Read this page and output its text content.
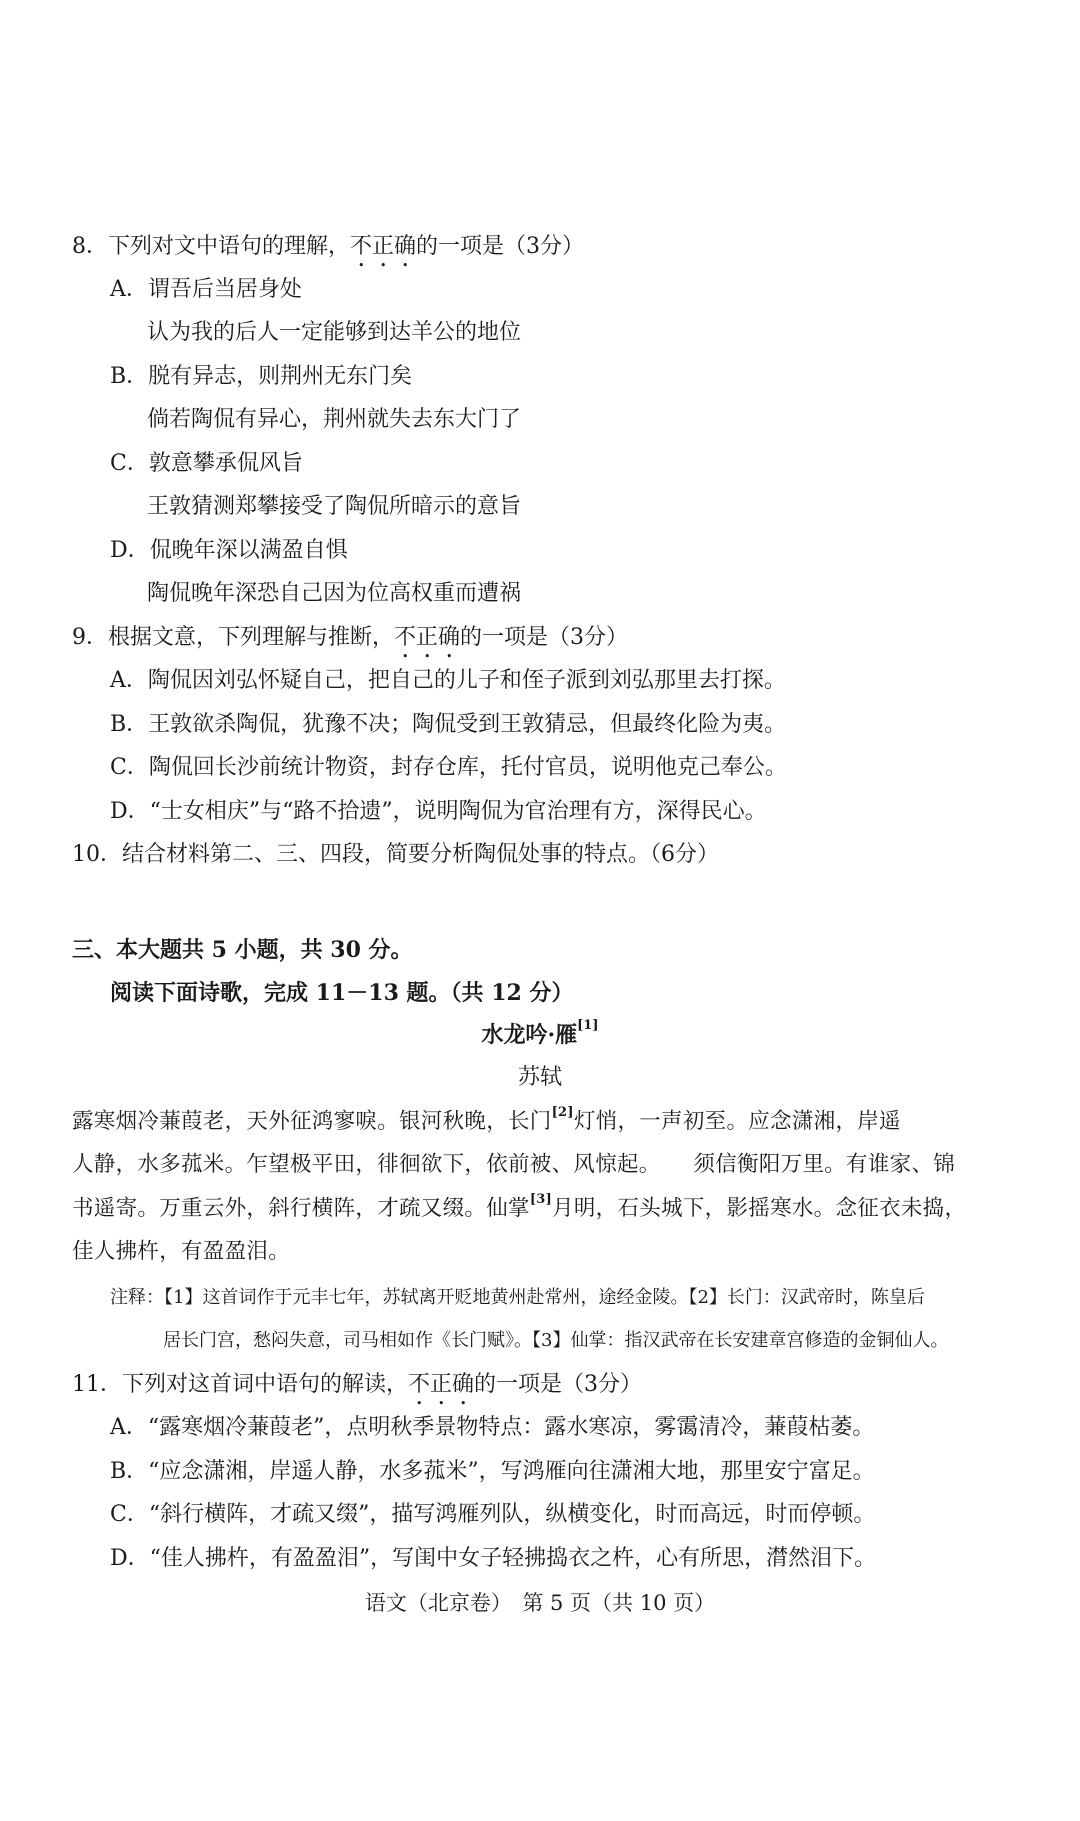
8．下列对文中语句的理解，不正确的一项是（3分）
A．谓吾后当居身处
认为我的后人一定能够到达羊公的地位
B．脱有异志，则荆州无东门矣
倘若陶侃有异心，荆州就失去东大门了
C．敦意攀承侃风旨
王敦猜测郑攀接受了陶侃所暗示的意旨
D．侃晚年深以满盈自惧
陶侃晚年深恐自己因为位高权重而遭祸
9．根据文意，下列理解与推断，不正确的一项是（3分）
A．陶侃因刘弘怀疑自己，把自己的儿子和侄子派到刘弘那里去打探。
B．王敦欲杀陶侃，犹豫不决；陶侃受到王敦猜忌，但最终化险为夷。
C．陶侃回长沙前统计物资，封存仓库，托付官员，说明他克己奉公。
D．“士女相庆”与“路不拾遗”，说明陶侃为官治理有方，深得民心。
10．结合材料第二、三、四段，简要分析陶侃处事的特点。（6分）
三、本大题共 5 小题，共 30 分。
阅读下面诗歌，完成 11－13 题。（共 12 分）
水龙吟·雁[1]
苏轼
露寒烟冷蒹葭老，天外征鸿寥唳。银河秋晚，长门[2]灯悄，一声初至。应念潇湘，岸遥
人静，水多菰米。乍望极平田，徘徊欲下，依前被、风惊起。　　须信衡阳万里。有谁家、锦
书遥寄。万重云外，斜行横阵，才疏又缀。仙掌[3]月明，石头城下，影摇寒水。念征衣未捣，
佳人拂杵，有盈盈泪。
注释：【1】这首词作于元丰七年，苏轼离开贬地黄州赴常州，途经金陵。【2】长门：汉武帝时，陈皇后
居长门宫，愁闷失意，司马相如作《长门赋》。【3】仙掌：指汉武帝在长安建章宫修造的金铜仙人。
11．下列对这首词中语句的解读，不正确的一项是（3分）
A．“露寒烟冷蒹葭老”，点明秋季景物特点：露水寒凉，雾霭清冷，蒹葭枯萎。
B．“应念潇湘，岸遥人静，水多菰米”，写鸿雁向往潇湘大地，那里安宁富足。
C．“斜行横阵，才疏又缀”，描写鸿雁列队，纵横变化，时而高远，时而停顿。
D．“佳人拂杵，有盈盈泪”，写闺中女子轻拂捣衣之杵，心有所思，潸然泪下。
语文（北京卷）　第 5 页（共 10 页）
